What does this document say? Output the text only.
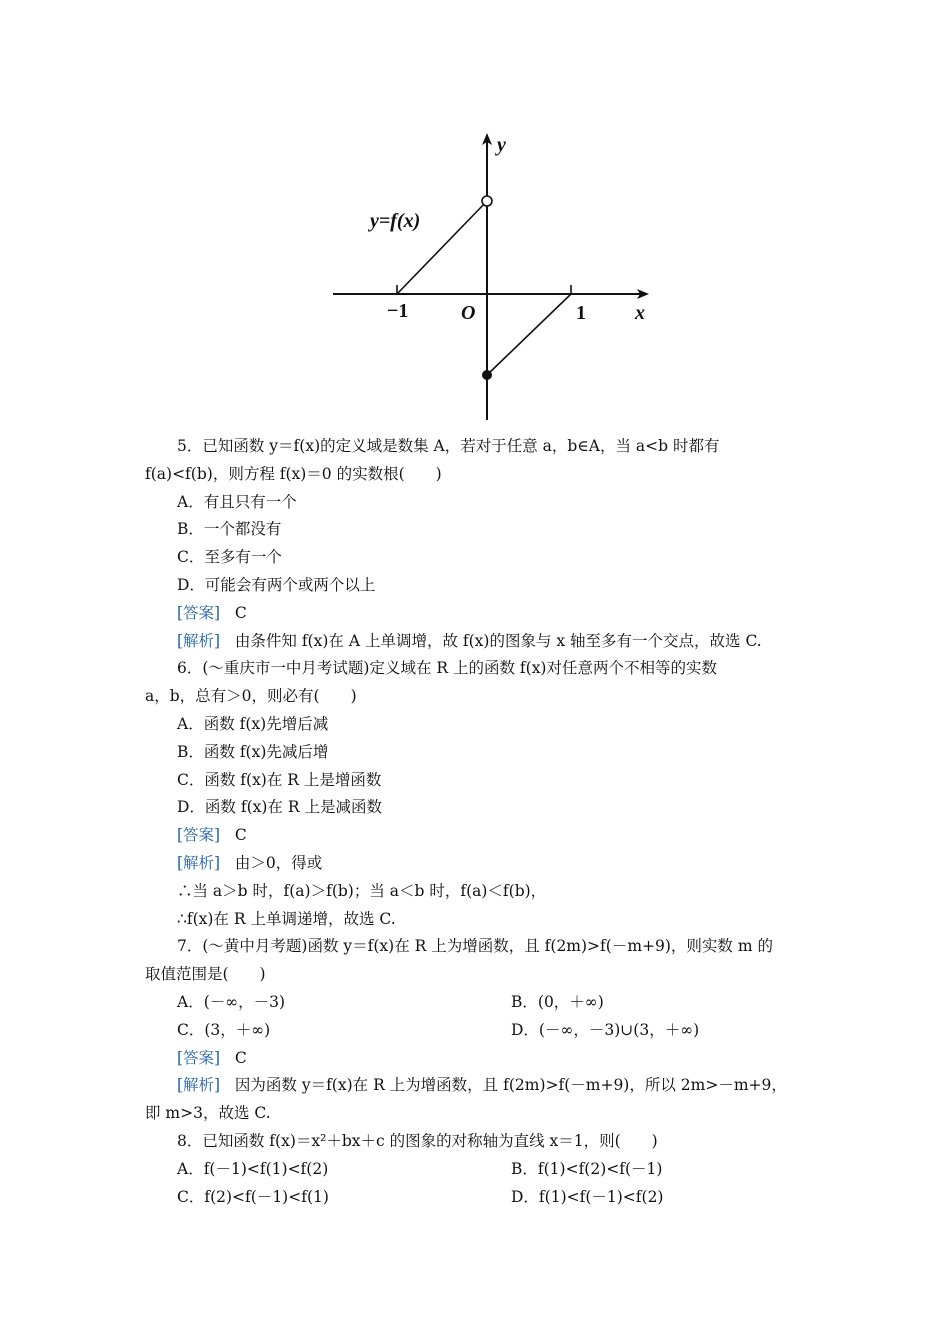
y
x
O
−1	1
y=f(x)
5．已知函数 y＝f(x)的定义域是数集 A，若对于任意 a，b∈A，当 a<b 时都有
f(a)<f(b)，则方程 f(x)＝0 的实数根(　　)
A．有且只有一个
B．一个都没有
C．至多有一个
D．可能会有两个或两个以上
[答案] C
[解析] 由条件知 f(x)在 A 上单调增，故 f(x)的图象与 x 轴至多有一个交点，故选 C.
6．(～重庆市一中月考试题)定义域在 R 上的函数 f(x)对任意两个不相等的实数
a，b，总有＞0，则必有(　　)
A．函数 f(x)先增后减
B．函数 f(x)先减后增
C．函数 f(x)在 R 上是增函数
D．函数 f(x)在 R 上是减函数
[答案] C
[解析] 由＞0，得或
∴当 a＞b 时，f(a)＞f(b)；当 a＜b 时，f(a)＜f(b)，
∴f(x)在 R 上单调递增，故选 C.
7．(～黄中月考题)函数 y＝f(x)在 R 上为增函数，且 f(2m)>f(－m+9)，则实数 m 的
取值范围是(　　)
A．(－∞，－3)	B．(0，＋∞)
C．(3，＋∞)	D．(－∞，－3)∪(3，＋∞)
[答案] C
[解析] 因为函数 y＝f(x)在 R 上为增函数，且 f(2m)>f(－m+9)，所以 2m>－m+9，
即 m>3，故选 C.
8．已知函数 f(x)＝x²＋bx＋c 的图象的对称轴为直线 x＝1，则(　　)
A．f(－1)<f(1)<f(2)	B．f(1)<f(2)<f(－1)
C．f(2)<f(－1)<f(1)	D．f(1)<f(－1)<f(2)
